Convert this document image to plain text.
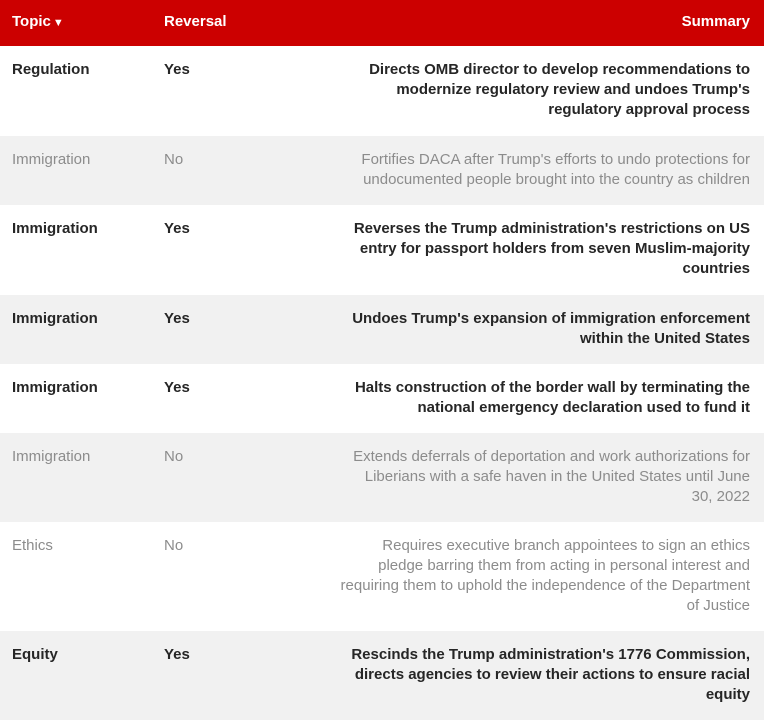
Topic ▼	Reversal	Summary
Regulation	Yes	Directs OMB director to develop recommendations to modernize regulatory review and undoes Trump's regulatory approval process
Immigration	No	Fortifies DACA after Trump's efforts to undo protections for undocumented people brought into the country as children
Immigration	Yes	Reverses the Trump administration's restrictions on US entry for passport holders from seven Muslim-majority countries
Immigration	Yes	Undoes Trump's expansion of immigration enforcement within the United States
Immigration	Yes	Halts construction of the border wall by terminating the national emergency declaration used to fund it
Immigration	No	Extends deferrals of deportation and work authorizations for Liberians with a safe haven in the United States until June 30, 2022
Ethics	No	Requires executive branch appointees to sign an ethics pledge barring them from acting in personal interest and requiring them to uphold the independence of the Department of Justice
Equity	Yes	Rescinds the Trump administration's 1776 Commission, directs agencies to review their actions to ensure racial equity
